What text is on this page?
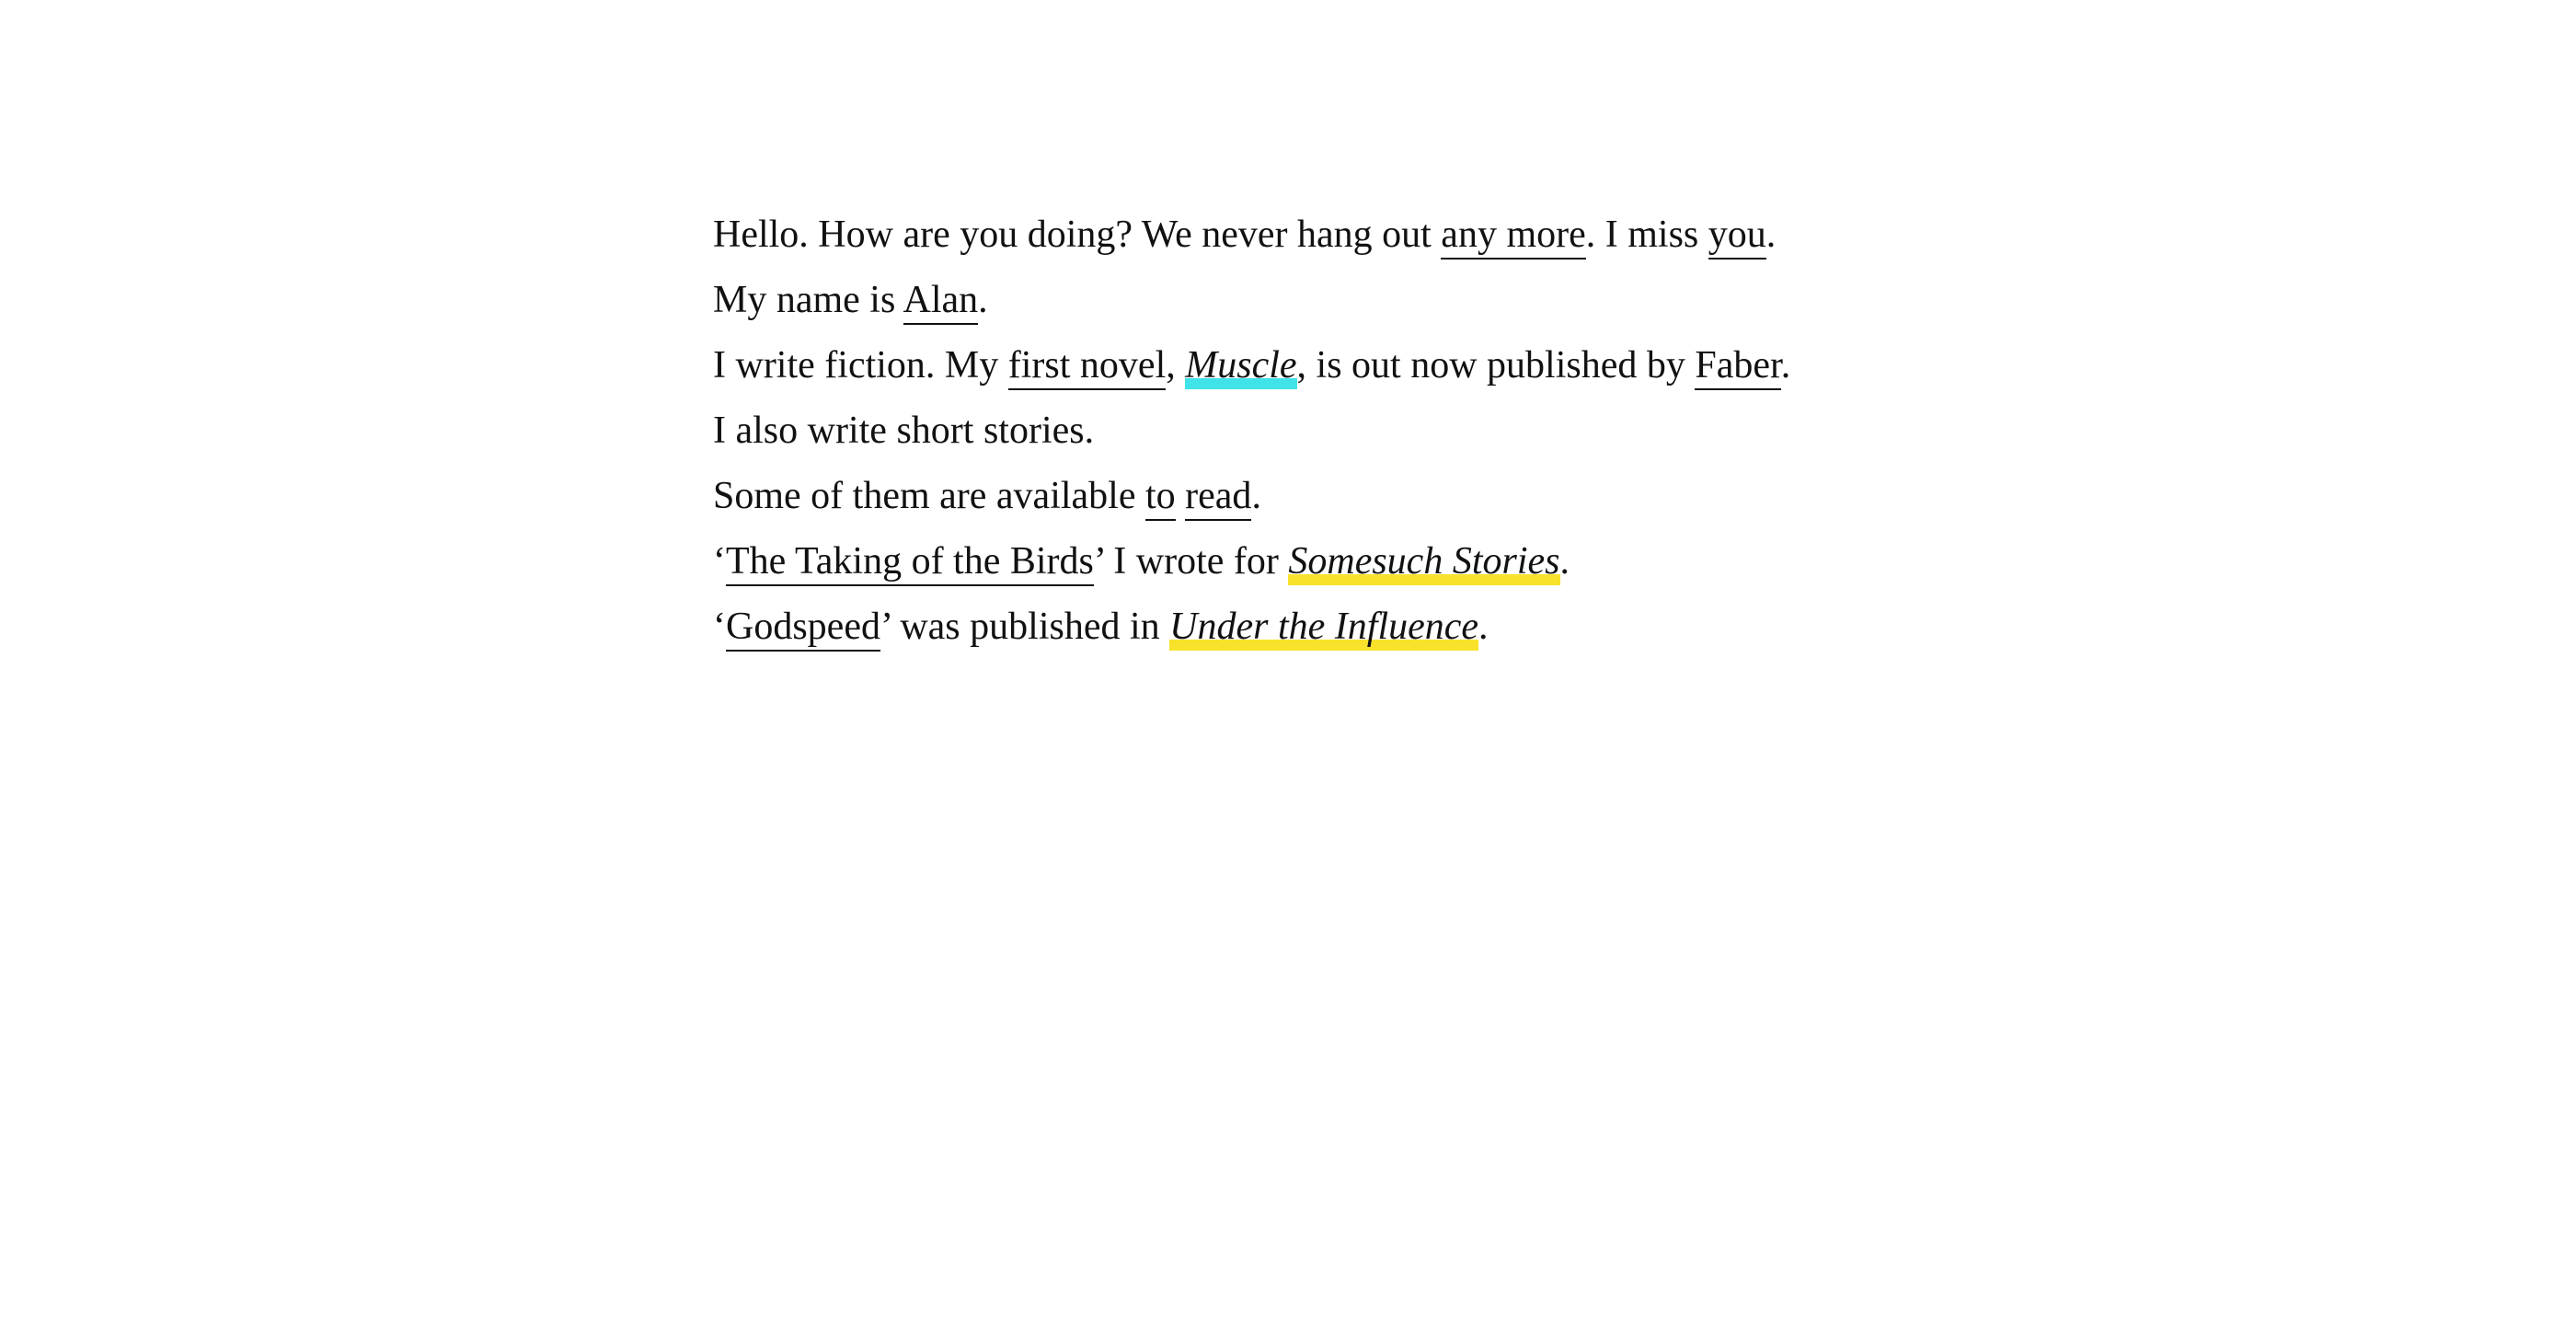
Hello. How are you doing? We never hang out any more. I miss you.
My name is Alan.
I write fiction. My first novel, Muscle, is out now published by Faber.
I also write short stories.
Some of them are available to read.
‘The Taking of the Birds’ I wrote for Somesuch Stories.
‘Godspeed’ was published in Under the Influence.
